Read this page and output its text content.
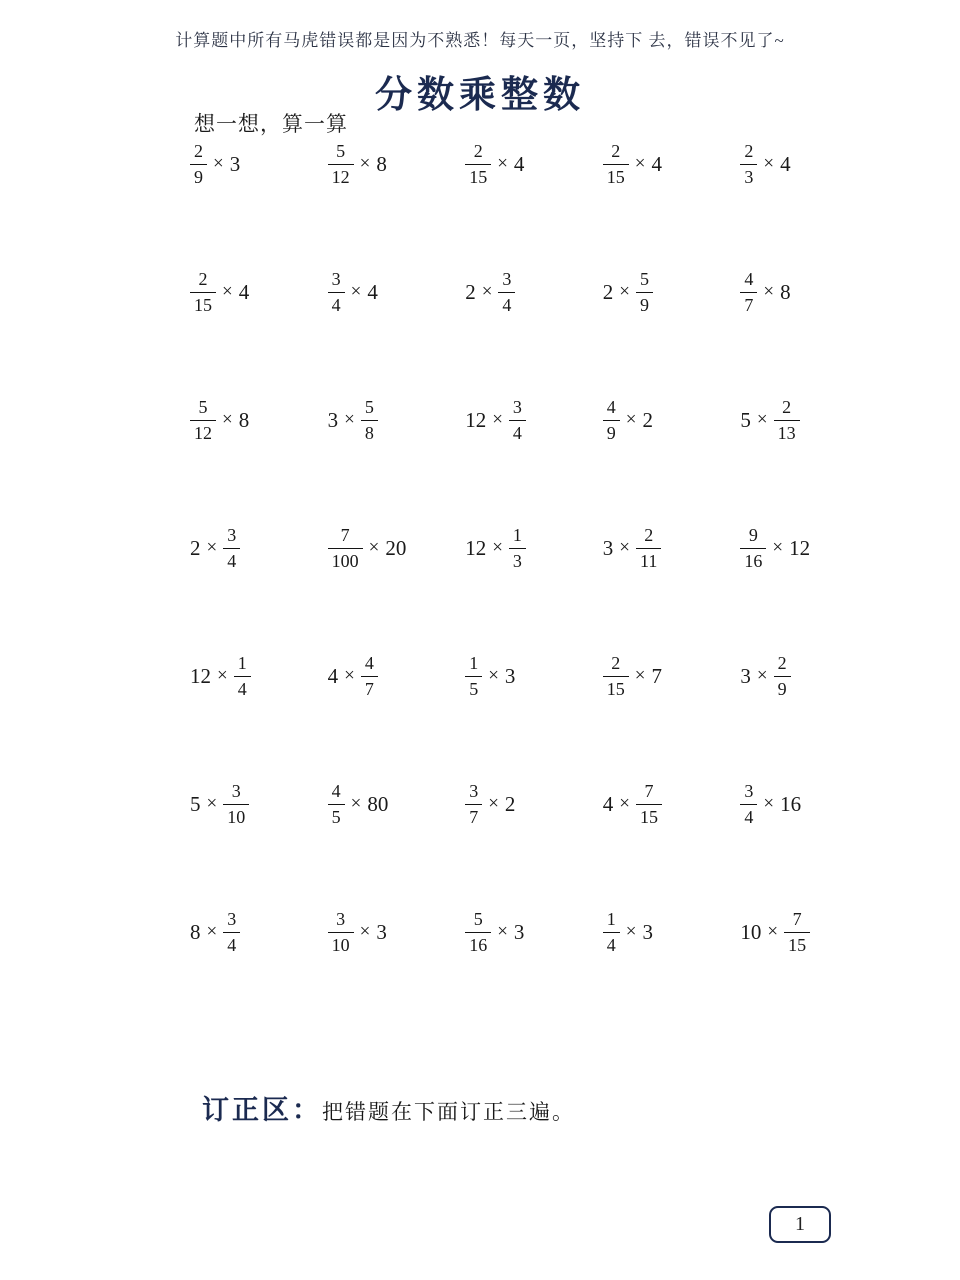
计算题中所有马虎错误都是因为不熟悉！每天一页，坚持下 去，错误不见了~
分数乘整数
想一想，算一算
$\frac{2}{9} \times 3$	$\frac{5}{12} \times 8$	$\frac{2}{15} \times 4$	$\frac{2}{15} \times 4$	$\frac{2}{3} \times 4$
$\frac{2}{15} \times 4$	$\frac{3}{4} \times 4$	$2 \times \frac{3}{4}$	$2 \times \frac{5}{9}$	$\frac{4}{7} \times 8$
$\frac{5}{12} \times 8$	$3 \times \frac{5}{8}$	$12 \times \frac{3}{4}$	$\frac{4}{9} \times 2$	$5 \times \frac{2}{13}$
$2 \times \frac{3}{4}$	$\frac{7}{100} \times 20$	$12 \times \frac{1}{3}$	$3 \times \frac{2}{11}$	$\frac{9}{16} \times 12$
$12 \times \frac{1}{4}$	$4 \times \frac{4}{7}$	$\frac{1}{5} \times 3$	$\frac{2}{15} \times 7$	$3 \times \frac{2}{9}$
$5 \times \frac{3}{10}$	$\frac{4}{5} \times 80$	$\frac{3}{7} \times 2$	$4 \times \frac{7}{15}$	$\frac{3}{4} \times 16$
$8 \times \frac{3}{4}$	$\frac{3}{10} \times 3$	$\frac{5}{16} \times 3$	$\frac{1}{4} \times 3$	$10 \times \frac{7}{15}$
订正区：把错题在下面订正三遍。
1
